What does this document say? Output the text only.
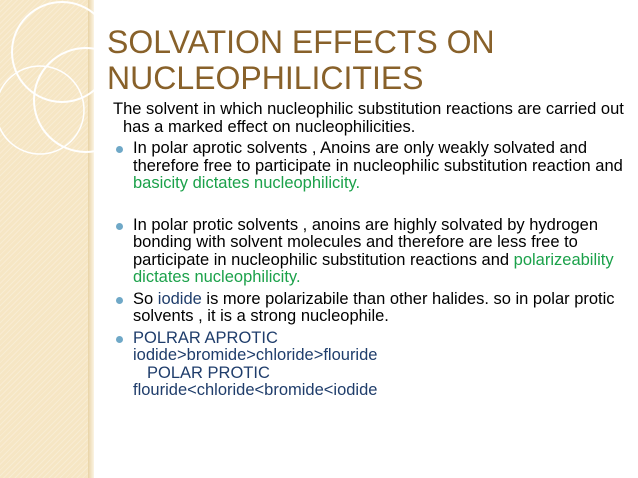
SOLVATION EFFECTS ON
NUCLEOPHILICITIES

The solvent in which nucleophilic substitution reactions are carried out has a marked effect on nucleophilicities.

In polar aprotic solvents , Anoins are only weakly solvated and therefore free to participate in nucleophilic substitution reaction and basicity dictates nucleophilicity.
In polar protic solvents , anoins are highly solvated by hydrogen bonding with solvent molecules and therefore are less free to participate in nucleophilic substitution reactions and polarizeability dictates nucleophilicity.
So iodide is more polarizabile than other halides. so in polar protic solvents , it is a strong nucleophile.
POLRAR APROTIC
iodide>bromide>chloride>flouride
POLAR PROTIC
flouride<chloride<bromide<iodide
